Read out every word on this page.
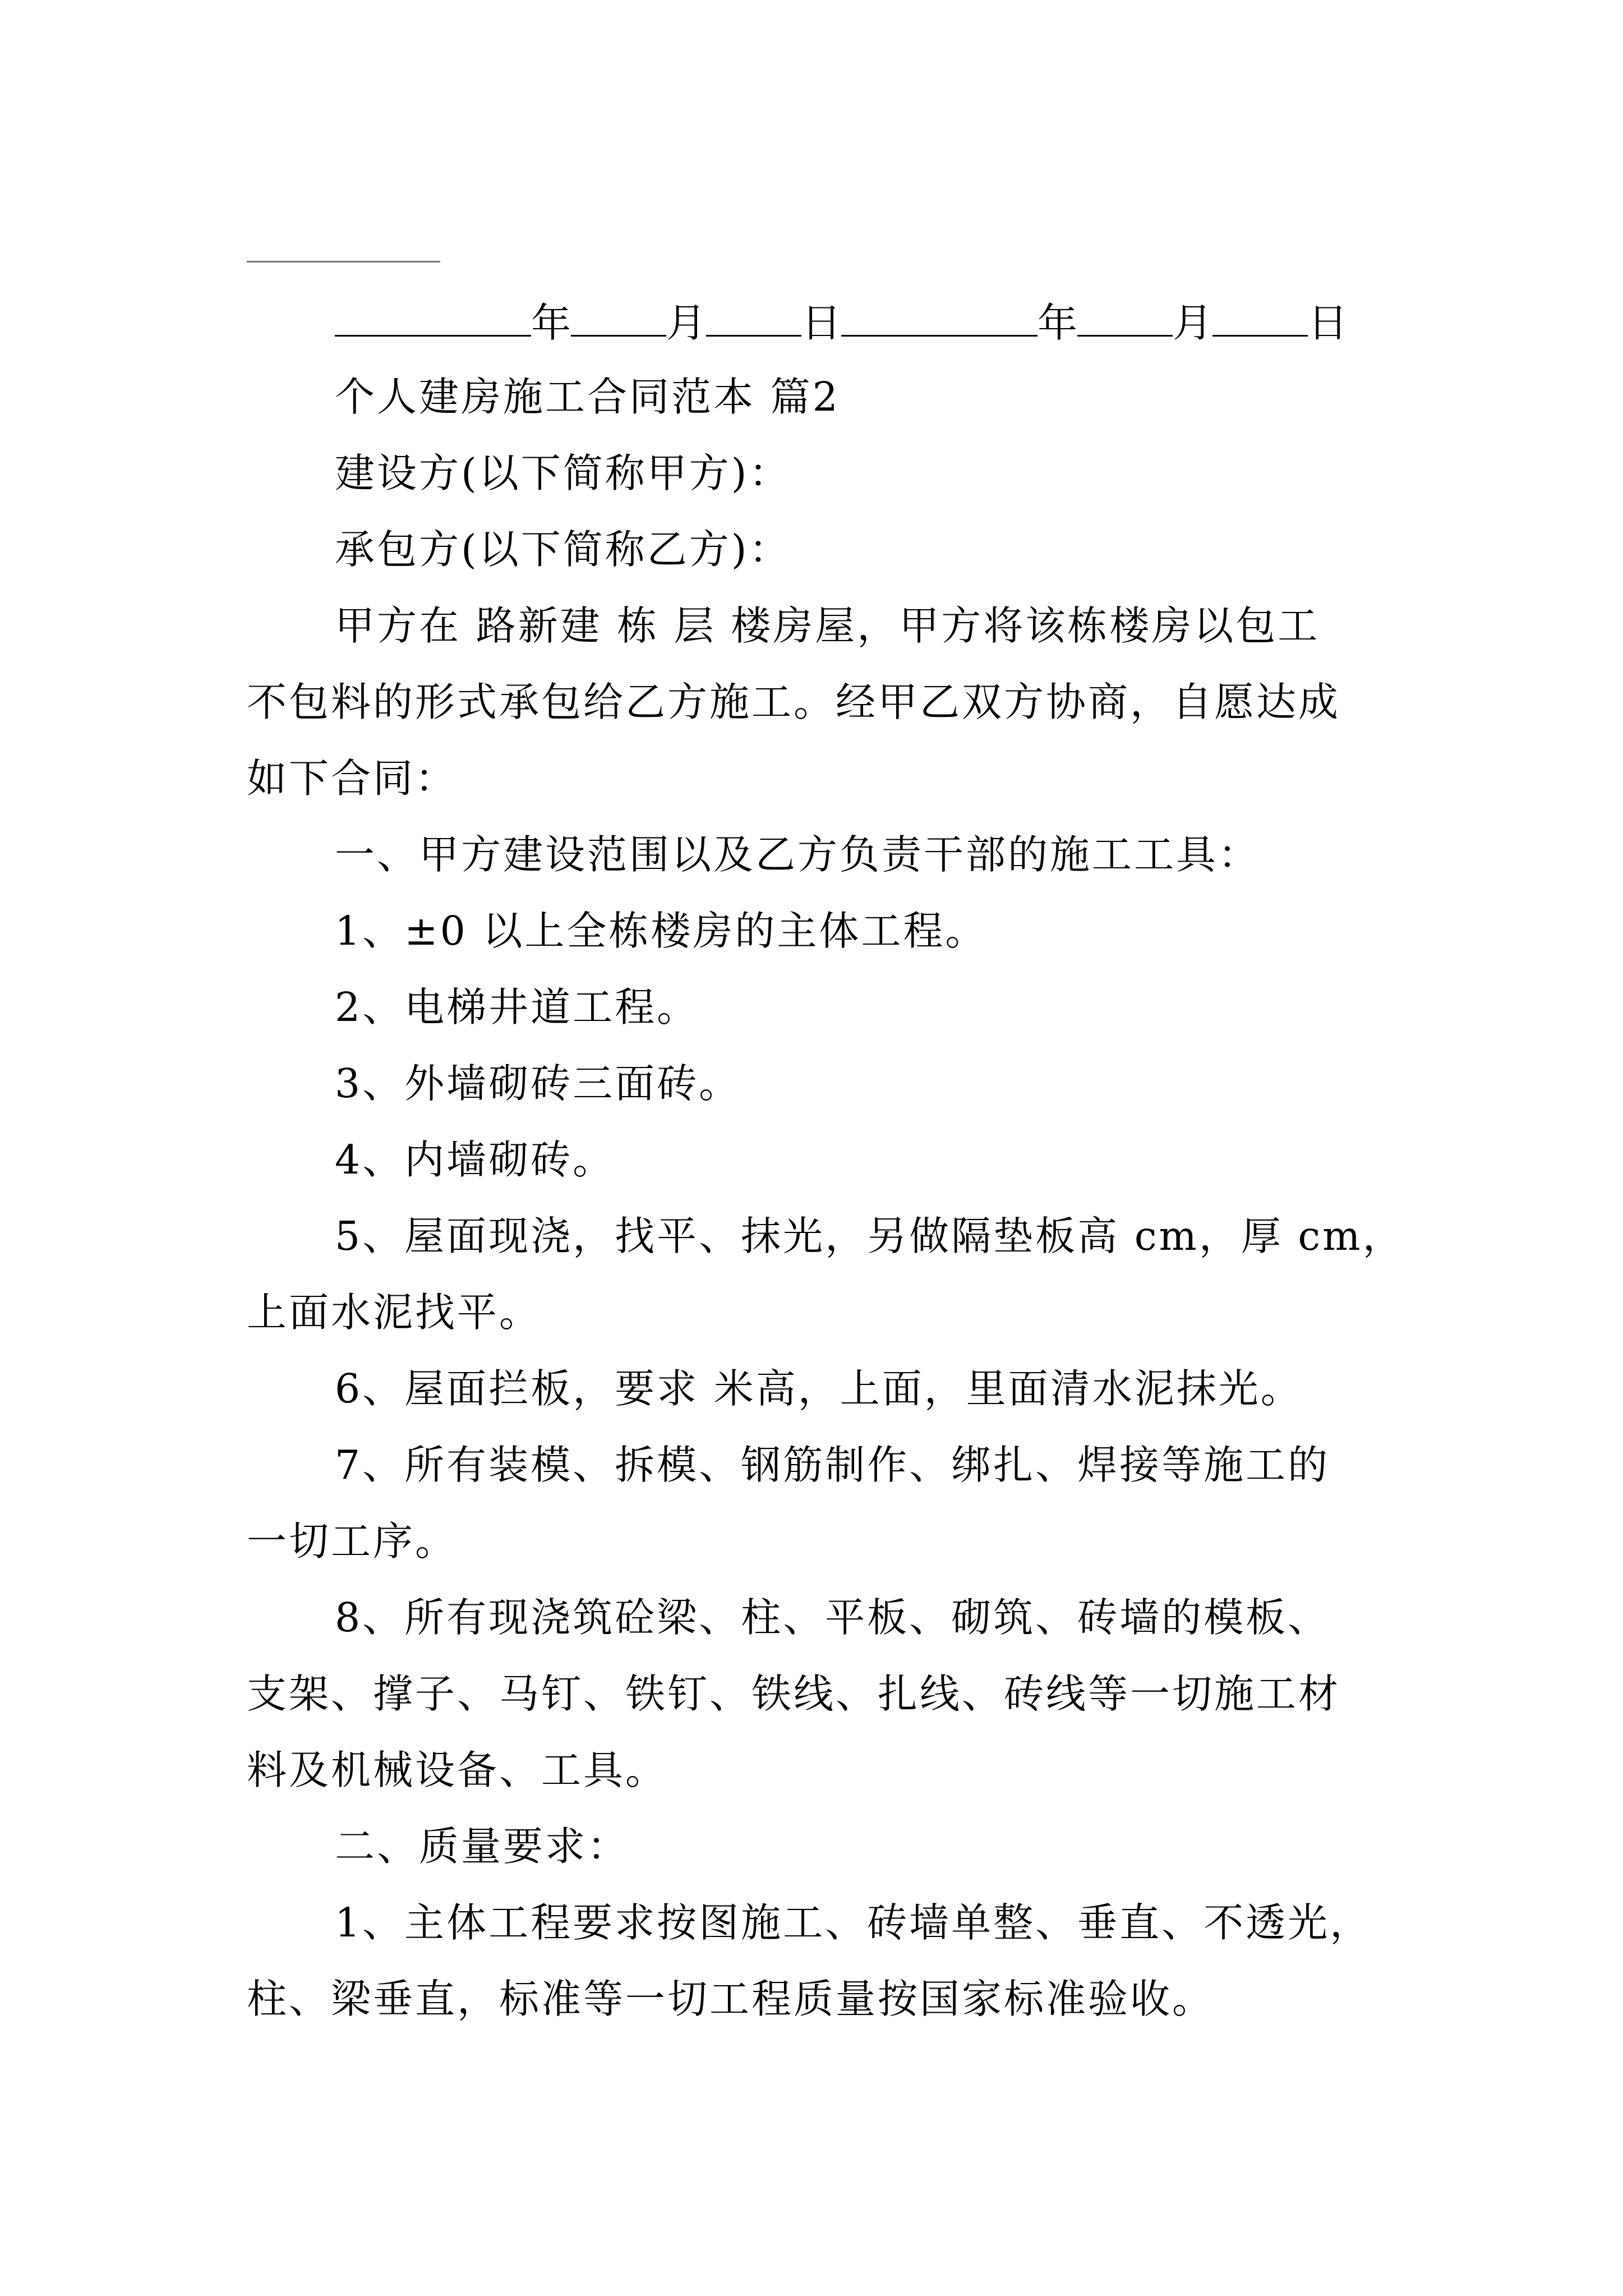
年 月 日	年 月 日
个人建房施工合同范本 篇2
建设方(以下简称甲方)：
承包方(以下简称乙方)：
甲方在 路新建 栋 层 楼房屋，甲方将该栋楼房以包工
不包料的形式承包给乙方施工。经甲乙双方协商，自愿达成
如下合同：
一、甲方建设范围以及乙方负责干部的施工工具：
1、±0 以上全栋楼房的主体工程。
2、电梯井道工程。
3、外墙砌砖三面砖。
4、内墙砌砖。
5、屋面现浇，找平、抹光，另做隔垫板高 cm，厚 cm，
上面水泥找平。
6、屋面拦板，要求 米高，上面，里面清水泥抹光。
7、所有装模、拆模、钢筋制作、绑扎、焊接等施工的
一切工序。
8、所有现浇筑砼梁、柱、平板、砌筑、砖墙的模板、
支架、撑子、马钉、铁钉、铁线、扎线、砖线等一切施工材
料及机械设备、工具。
二、质量要求：
1、主体工程要求按图施工、砖墙单整、垂直、不透光，
柱、梁垂直，标准等一切工程质量按国家标准验收。
